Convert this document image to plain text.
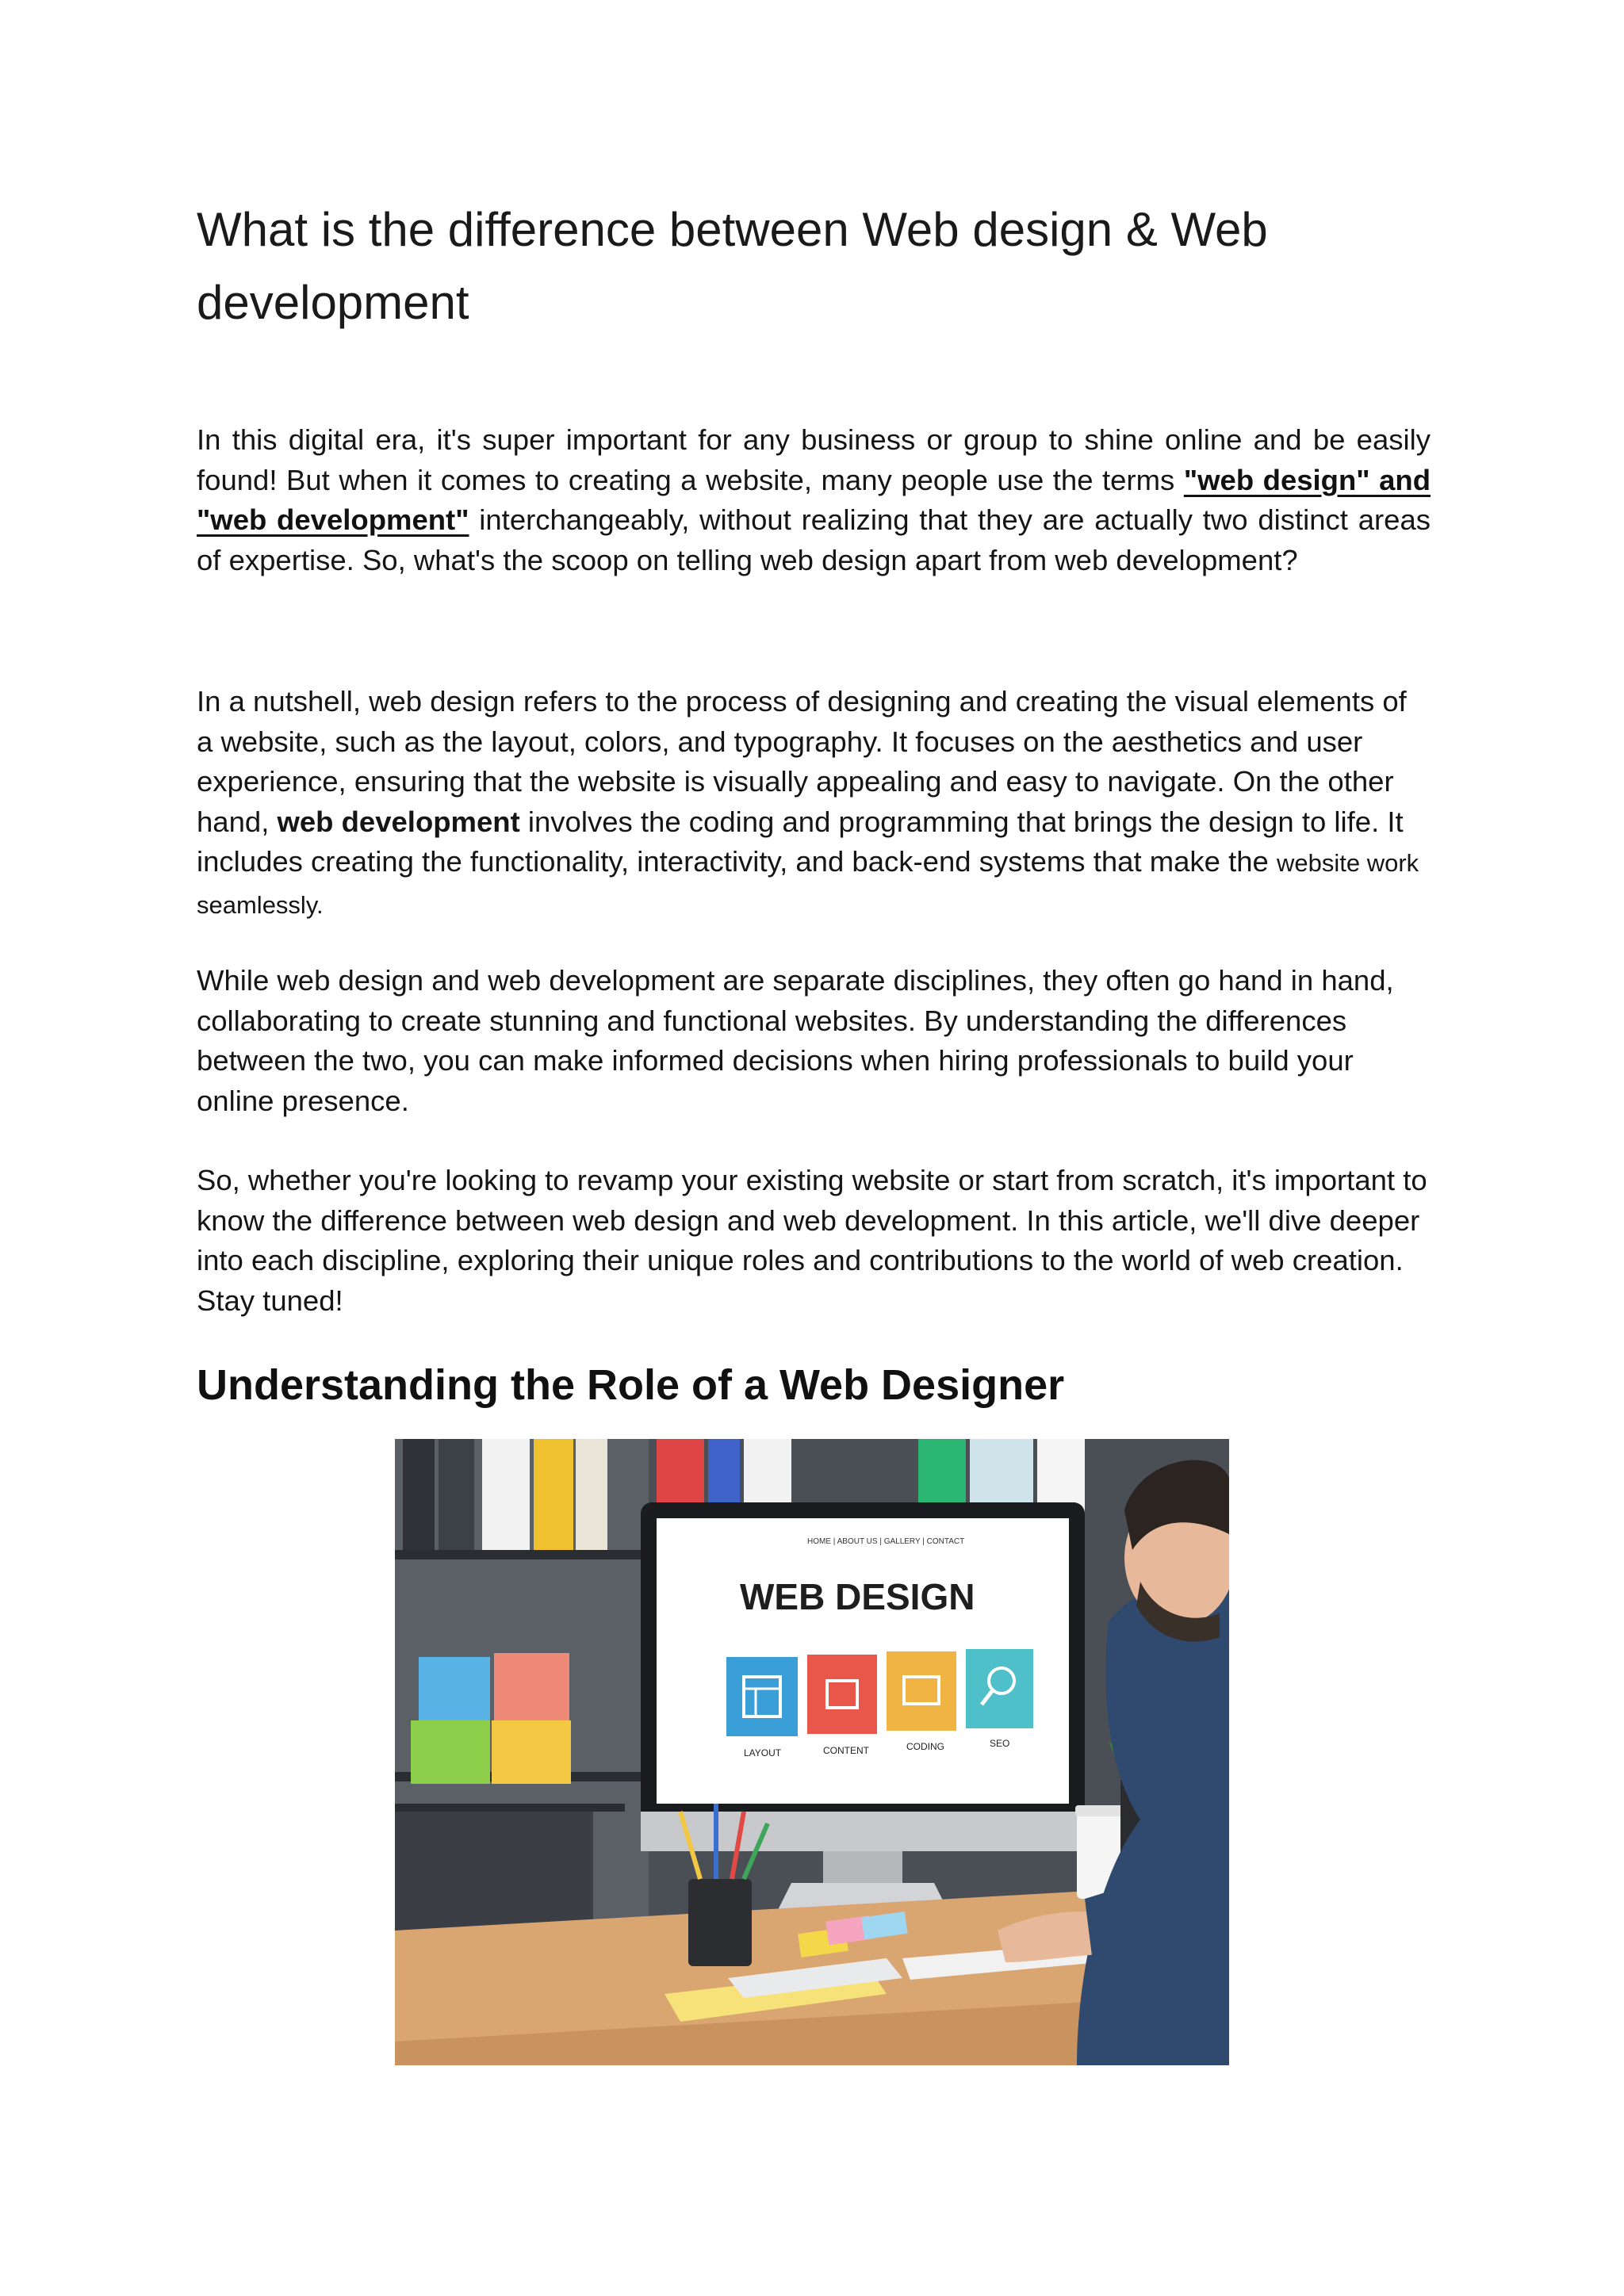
What is the difference between Web design & Web development

In this digital era, it's super important for any business or group to shine online and be easily found! But when it comes to creating a website, many people use the terms "web design" and "web development" interchangeably, without realizing that they are actually two distinct areas of expertise. So, what's the scoop on telling web design apart from web development?

In a nutshell, web design refers to the process of designing and creating the visual elements of a website, such as the layout, colors, and typography. It focuses on the aesthetics and user experience, ensuring that the website is visually appealing and easy to navigate. On the other hand, web development involves the coding and programming that brings the design to life. It includes creating the functionality, interactivity, and back-end systems that make the website work seamlessly.

While web design and web development are separate disciplines, they often go hand in hand, collaborating to create stunning and functional websites. By understanding the differences between the two, you can make informed decisions when hiring professionals to build your online presence.

So, whether you're looking to revamp your existing website or start from scratch, it's important to know the difference between web design and web development. In this article, we'll dive deeper into each discipline, exploring their unique roles and contributions to the world of web creation. Stay tuned!

Understanding the Role of a Web Designer
HOME | ABOUT US | GALLERY | CONTACT
WEB DESIGN
LAYOUT	CONTENT	CODING	SEO
